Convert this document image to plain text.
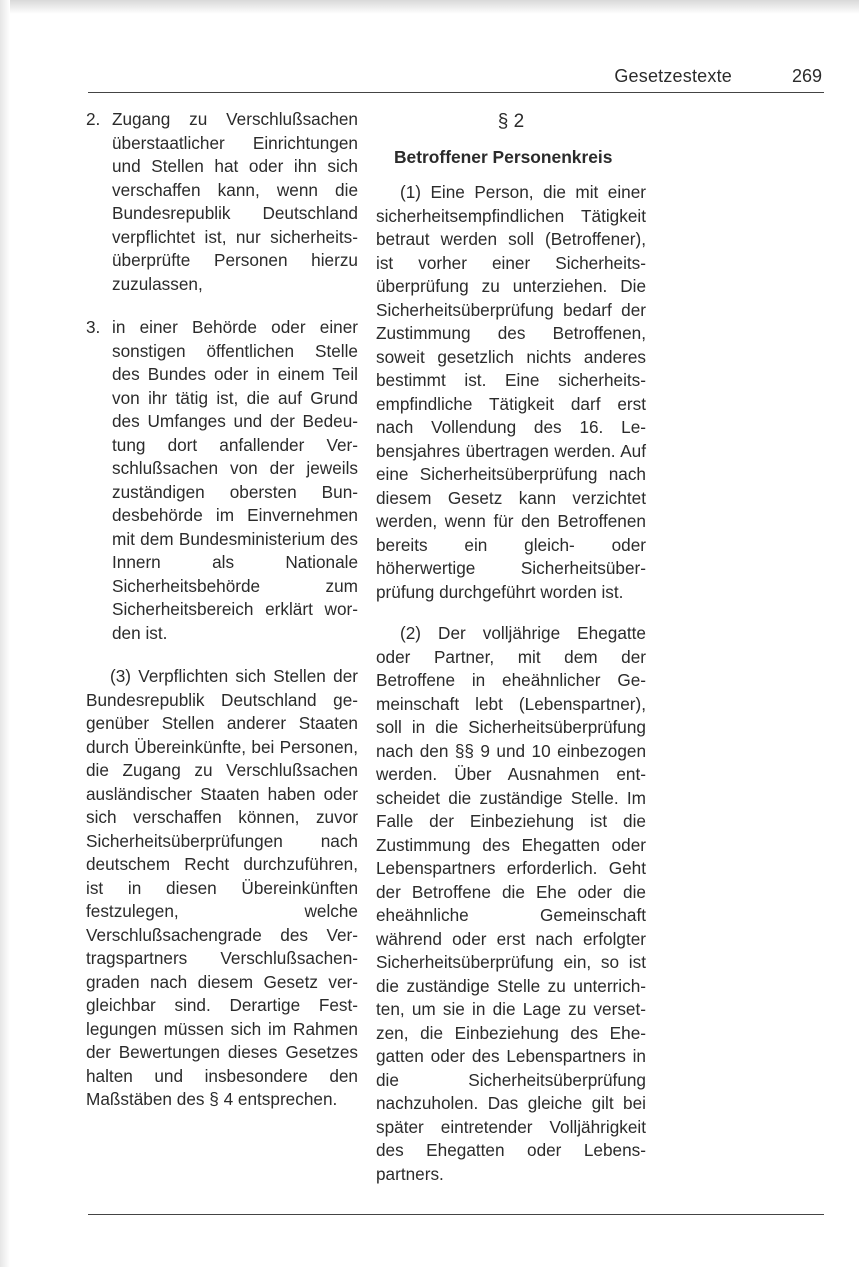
Gesetzestexte	269
2. Zugang zu Verschlußsachen überstaatlicher Einrichtungen und Stellen hat oder ihn sich verschaffen kann, wenn die Bundesrepublik Deutschland verpflichtet ist, nur sicherheitsüberprüfte Personen hierzu zuzulassen,
3. in einer Behörde oder einer sonstigen öffentlichen Stelle des Bundes oder in einem Teil von ihr tätig ist, die auf Grund des Umfanges und der Bedeutung dort anfallender Verschlußsachen von der jeweils zuständigen obersten Bundesbehörde im Einvernehmen mit dem Bundesministerium des Innern als Nationale Sicherheitsbehörde zum Sicherheitsbereich erklärt worden ist.

(3) Verpflichten sich Stellen der Bundesrepublik Deutschland gegenüber Stellen anderer Staaten durch Übereinkünfte, bei Personen, die Zugang zu Verschlußsachen ausländischer Staaten haben oder sich verschaffen können, zuvor Sicherheitsüberprüfungen nach deutschem Recht durchzuführen, ist in diesen Übereinkünften festzulegen, welche Verschlußsachengrade des Vertragspartners Verschlußsachengraden nach diesem Gesetz vergleichbar sind. Derartige Festlegungen müssen sich im Rahmen der Bewertungen dieses Gesetzes halten und insbesondere den Maßstäben des § 4 entsprechen.

§ 2
Betroffener Personenkreis

(1) Eine Person, die mit einer sicherheitsempfindlichen Tätigkeit betraut werden soll (Betroffener), ist vorher einer Sicherheitsüberprüfung zu unterziehen. Die Sicherheitsüberprüfung bedarf der Zustimmung des Betroffenen, soweit gesetzlich nichts anderes bestimmt ist. Eine sicherheitsempfindliche Tätigkeit darf erst nach Vollendung des 16. Lebensjahres übertragen werden. Auf eine Sicherheitsüberprüfung nach diesem Gesetz kann verzichtet werden, wenn für den Betroffenen bereits ein gleich- oder höherwertige Sicherheitsüberprüfung durchgeführt worden ist.

(2) Der volljährige Ehegatte oder Partner, mit dem der Betroffene in eheähnlicher Gemeinschaft lebt (Lebenspartner), soll in die Sicherheitsüberprüfung nach den §§ 9 und 10 einbezogen werden. Über Ausnahmen entscheidet die zuständige Stelle. Im Falle der Einbeziehung ist die Zustimmung des Ehegatten oder Lebenspartners erforderlich. Geht der Betroffene die Ehe oder die eheähnliche Gemeinschaft während oder erst nach erfolgter Sicherheitsüberprüfung ein, so ist die zuständige Stelle zu unterrichten, um sie in die Lage zu versetzen, die Einbeziehung des Ehegatten oder des Lebenspartners in die Sicherheitsüberprüfung nachzuholen. Das gleiche gilt bei später eintretender Volljährigkeit des Ehegatten oder Lebenspartners.
